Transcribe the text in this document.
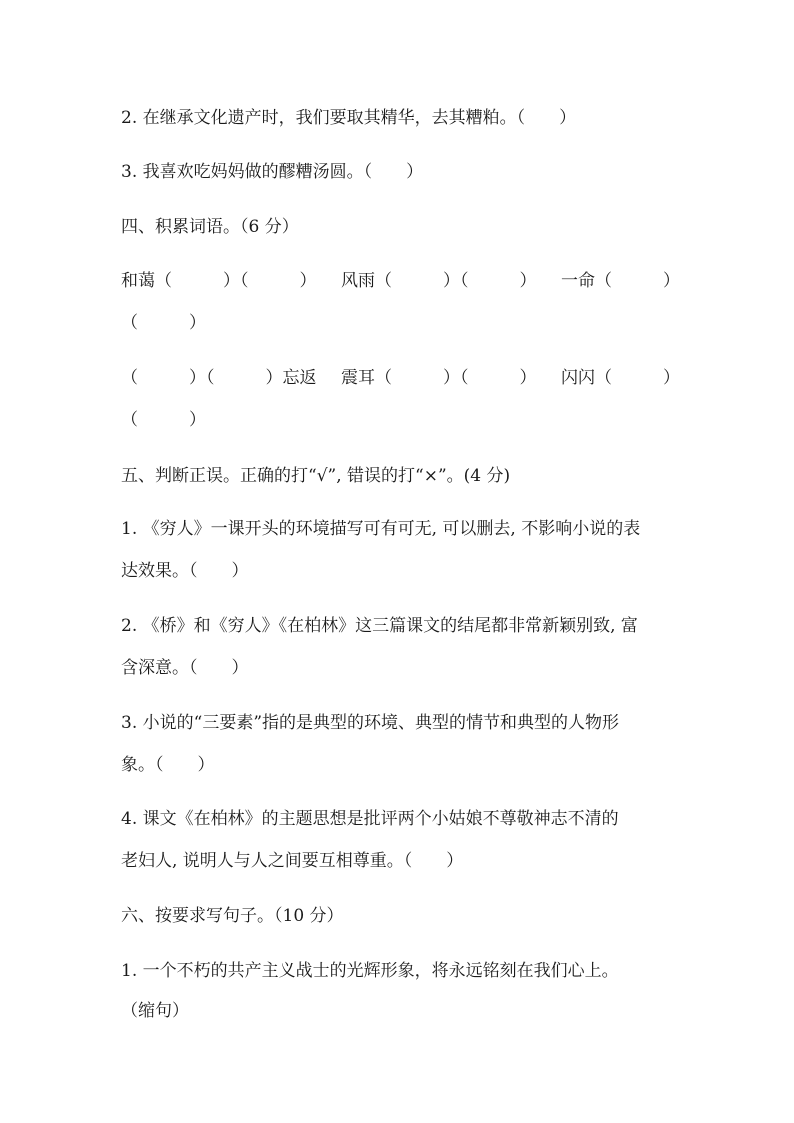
2. 在继承文化遗产时，我们要取其精华，去其糟粕。（　　）
3. 我喜欢吃妈妈做的醪糟汤圆。（　　）
四、积累词语。（6 分）
和蔼（　　　）（　　　） 风雨（　　　）（　　　） 一命（　　　）
（　　　）
（　　　）（　　　）忘返 震耳（　　　）（　　　） 闪闪（　　　）
（　　　）
五、判断正误。正确的打“√”, 错误的打“×”。(4 分)
1. 《穷人》一课开头的环境描写可有可无, 可以删去, 不影响小说的表
达效果。（　　）
2. 《桥》和《穷人》《在柏林》这三篇课文的结尾都非常新颖别致, 富
含深意。（　　）
3. 小说的“三要素”指的是典型的环境、典型的情节和典型的人物形
象。（　　）
4. 课文《在柏林》的主题思想是批评两个小姑娘不尊敬神志不清的
老妇人, 说明人与人之间要互相尊重。（　　）
六、按要求写句子。（10 分）
1. 一个不朽的共产主义战士的光辉形象，将永远铭刻在我们心上。
（缩句）
